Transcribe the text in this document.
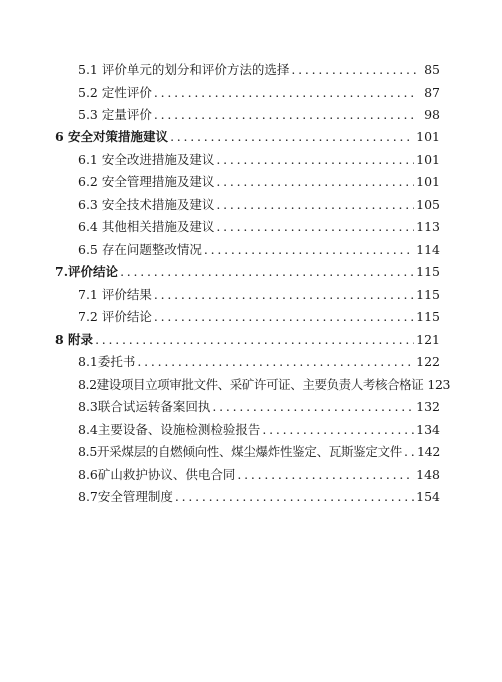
5.1 评价单元的划分和评价方法的选择 . . .	85
5.2 定性评价 . . .	87
5.3 定量评价 . . .	98
6 安全对策措施建议 . . .	101
6.1 安全改进措施及建议 . . .	101
6.2 安全管理措施及建议 . . .	101
6.3 安全技术措施及建议 . . .	105
6.4 其他相关措施及建议 . . .	113
6.5 存在问题整改情况 . . .	114
7.评价结论 . . .	115
7.1 评价结果 . . .	115
7.2 评价结论 . . .	115
8 附录 . . .	121
8.1委托书 . . .	122
8.2建设项目立项审批文件、采矿许可证、主要负责人考核合格证 123
8.3联合试运转备案回执 . . .	132
8.4主要设备、设施检测检验报告 . . .	134
8.5开采煤层的自燃倾向性、煤尘爆炸性鉴定、瓦斯鉴定文件 . . . 142
8.6矿山救护协议、供电合同 . . .	148
8.7安全管理制度 . . .	154
